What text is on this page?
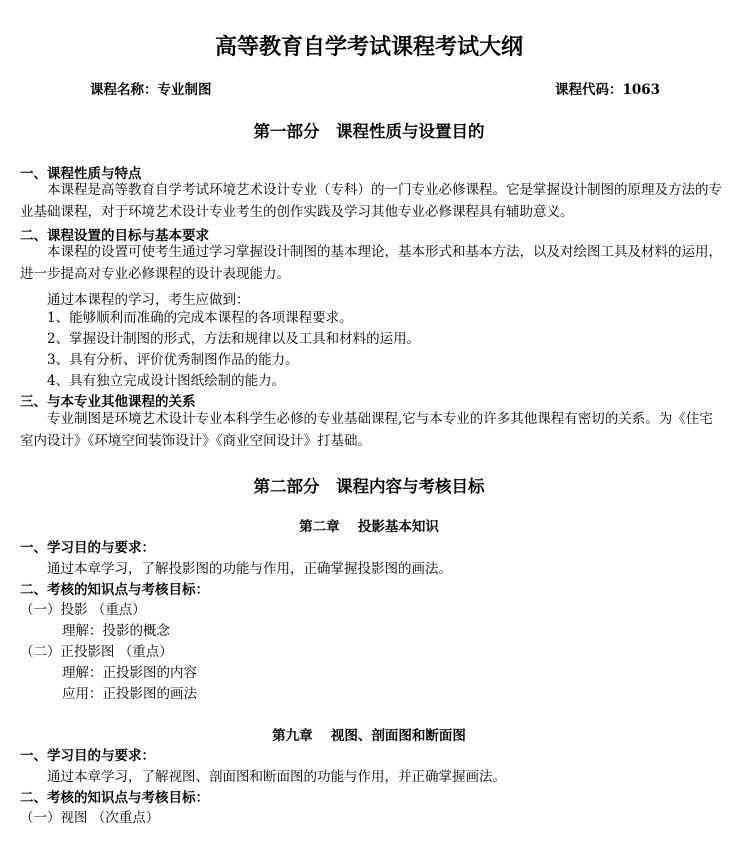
高等教育自学考试课程考试大纲
课程名称：专业制图	课程代码：1063
第一部分　课程性质与设置目的
一、课程性质与特点
本课程是高等教育自学考试环境艺术设计专业（专科）的一门专业必修课程。它是掌握设计制图的原理及方法的专业基础课程，对于环境艺术设计专业考生的创作实践及学习其他专业必修课程具有辅助意义。
二、课程设置的目标与基本要求
本课程的设置可使考生通过学习掌握设计制图的基本理论，基本形式和基本方法，以及对绘图工具及材料的运用，进一步提高对专业必修课程的设计表现能力。
通过本课程的学习，考生应做到：
1、能够顺利而准确的完成本课程的各项课程要求。
2、掌握设计制图的形式，方法和规律以及工具和材料的运用。
3、具有分析、评价优秀制图作品的能力。
4、具有独立完成设计图纸绘制的能力。
三、与本专业其他课程的关系
专业制图是环境艺术设计专业本科学生必修的专业基础课程,它与本专业的许多其他课程有密切的关系。为《住宅室内设计》《环境空间装饰设计》《商业空间设计》打基础。
第二部分　课程内容与考核目标
第二章　 投影基本知识
一、学习目的与要求：
通过本章学习，了解投影图的功能与作用，正确掌握投影图的画法。
二、考核的知识点与考核目标：
（一）投影 （重点）
理解：投影的概念
（二）正投影图 （重点）
理解：正投影图的内容
应用：正投影图的画法
第九章　 视图、剖面图和断面图
一、学习目的与要求：
通过本章学习，了解视图、剖面图和断面图的功能与作用，并正确掌握画法。
二、考核的知识点与考核目标：
（一）视图 （次重点）
